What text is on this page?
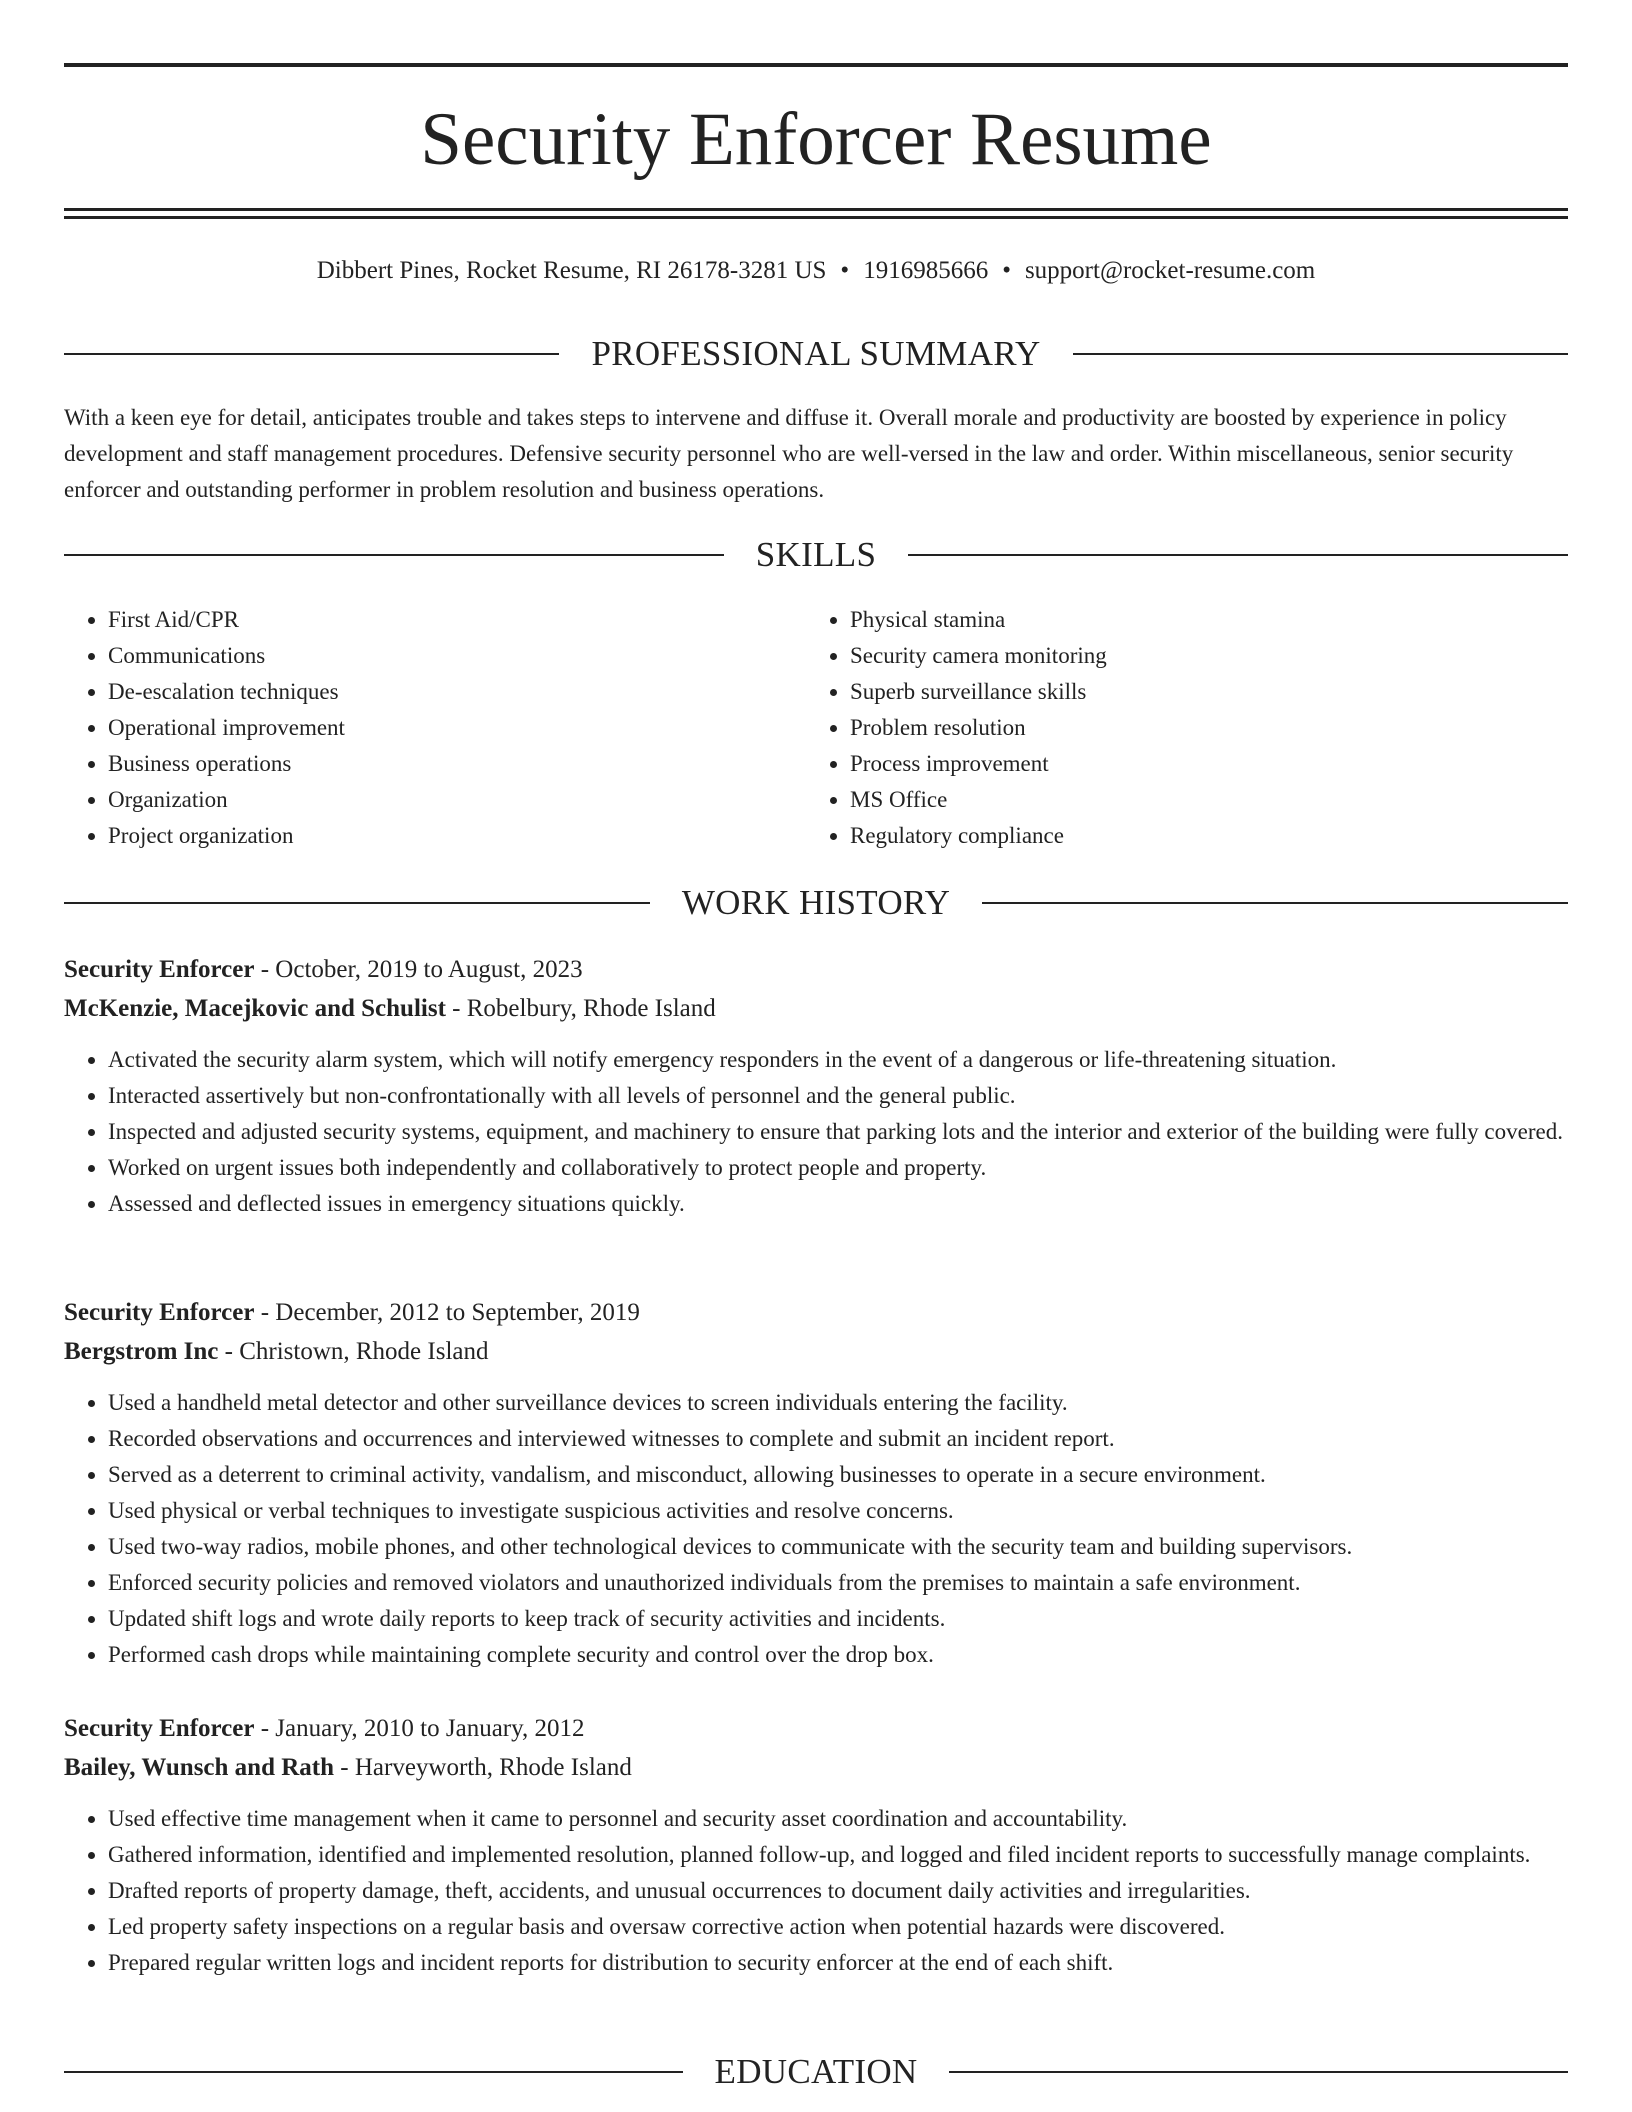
Security Enforcer Resume
Dibbert Pines, Rocket Resume, RI 26178-3281 US • 1916985666 • support@rocket-resume.com
PROFESSIONAL SUMMARY

With a keen eye for detail, anticipates trouble and takes steps to intervene and diffuse it. Overall morale and productivity are boosted by experience in policy development and staff management procedures. Defensive security personnel who are well-versed in the law and order. Within miscellaneous, senior security enforcer and outstanding performer in problem resolution and business operations.

SKILLS
• First Aid/CPR
• Communications
• De-escalation techniques
• Operational improvement
• Business operations
• Organization
• Project organization
• Physical stamina
• Security camera monitoring
• Superb surveillance skills
• Problem resolution
• Process improvement
• MS Office
• Regulatory compliance
WORK HISTORY

Security Enforcer - October, 2019 to August, 2023

McKenzie, Macejkovic and Schulist - Robelbury, Rhode Island

• Activated the security alarm system, which will notify emergency responders in the event of a dangerous or life-threatening situation.
• Interacted assertively but non-confrontationally with all levels of personnel and the general public.
• Inspected and adjusted security systems, equipment, and machinery to ensure that parking lots and the interior and exterior of the building were fully covered.
• Worked on urgent issues both independently and collaboratively to protect people and property.
• Assessed and deflected issues in emergency situations quickly.

Security Enforcer - December, 2012 to September, 2019

Bergstrom Inc - Christown, Rhode Island

• Used a handheld metal detector and other surveillance devices to screen individuals entering the facility.
• Recorded observations and occurrences and interviewed witnesses to complete and submit an incident report.
• Served as a deterrent to criminal activity, vandalism, and misconduct, allowing businesses to operate in a secure environment.
• Used physical or verbal techniques to investigate suspicious activities and resolve concerns.
• Used two-way radios, mobile phones, and other technological devices to communicate with the security team and building supervisors.
• Enforced security policies and removed violators and unauthorized individuals from the premises to maintain a safe environment.
• Updated shift logs and wrote daily reports to keep track of security activities and incidents.
• Performed cash drops while maintaining complete security and control over the drop box.

Security Enforcer - January, 2010 to January, 2012

Bailey, Wunsch and Rath - Harveyworth, Rhode Island

• Used effective time management when it came to personnel and security asset coordination and accountability.
• Gathered information, identified and implemented resolution, planned follow-up, and logged and filed incident reports to successfully manage complaints.
• Drafted reports of property damage, theft, accidents, and unusual occurrences to document daily activities and irregularities.
• Led property safety inspections on a regular basis and oversaw corrective action when potential hazards were discovered.
• Prepared regular written logs and incident reports for distribution to security enforcer at the end of each shift.
EDUCATION
